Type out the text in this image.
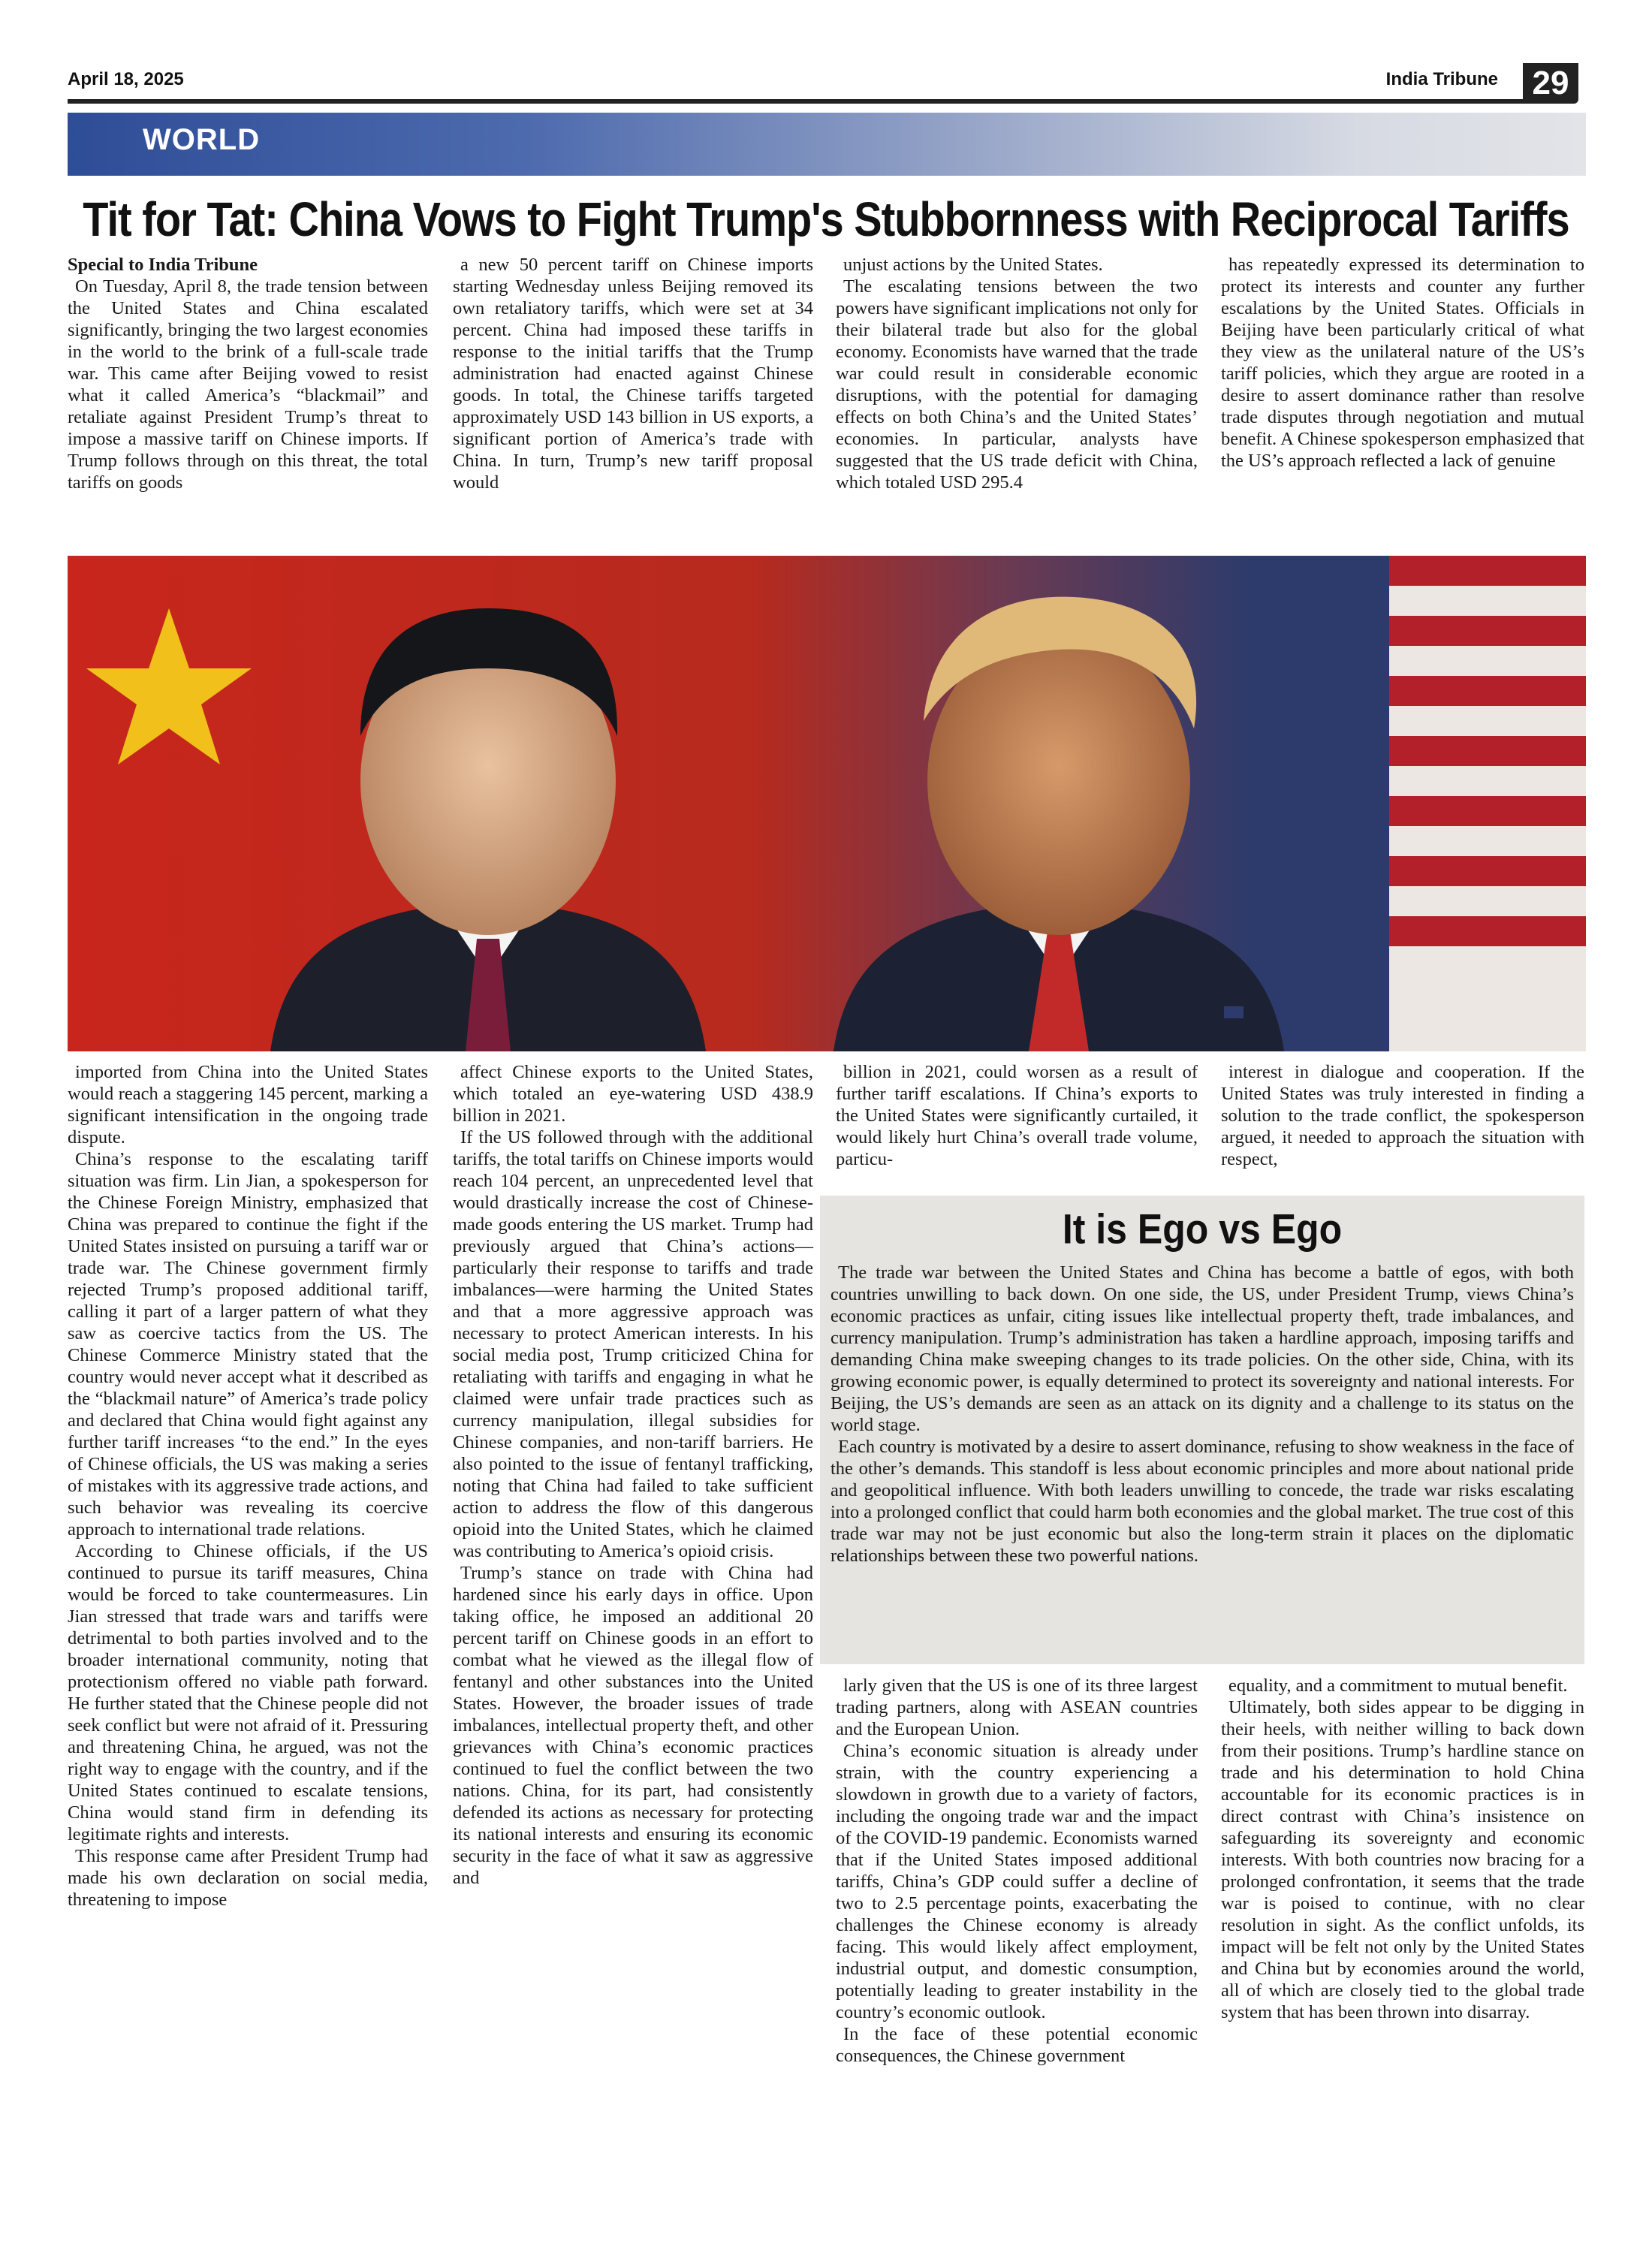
April 18, 2025	India Tribune 29
WORLD
Tit for Tat: China Vows to Fight Trump's Stubbornness with Reciprocal Tariffs
Special to India Tribune

On Tuesday, April 8, the trade tension between the United States and China escalated significantly, bringing the two largest economies in the world to the brink of a full-scale trade war. This came after Beijing vowed to resist what it called America’s “blackmail” and retaliate against President Trump’s threat to impose a massive tariff on Chinese imports. If Trump follows through on this threat, the total tariffs on goods

a new 50 percent tariff on Chinese imports starting Wednesday unless Beijing removed its own retaliatory tariffs, which were set at 34 percent. China had imposed these tariffs in response to the initial tariffs that the Trump administration had enacted against Chinese goods. In total, the Chinese tariffs targeted approximately USD 143 billion in US exports, a significant portion of America’s trade with China. In turn, Trump’s new tariff proposal would

unjust actions by the United States.

The escalating tensions between the two powers have significant implications not only for their bilateral trade but also for the global economy. Economists have warned that the trade war could result in considerable economic disruptions, with the potential for damaging effects on both China’s and the United States’ economies. In particular, analysts have suggested that the US trade deficit with China, which totaled USD 295.4

has repeatedly expressed its determination to protect its interests and counter any further escalations by the United States. Officials in Beijing have been particularly critical of what they view as the unilateral nature of the US’s tariff policies, which they argue are rooted in a desire to assert dominance rather than resolve trade disputes through negotiation and mutual benefit. A Chinese spokesperson emphasized that the US’s approach reflected a lack of genuine

imported from China into the United States would reach a staggering 145 percent, marking a significant intensification in the ongoing trade dispute.

China’s response to the escalating tariff situation was firm. Lin Jian, a spokesperson for the Chinese Foreign Ministry, emphasized that China was prepared to continue the fight if the United States insisted on pursuing a tariff war or trade war. The Chinese government firmly rejected Trump’s proposed additional tariff, calling it part of a larger pattern of what they saw as coercive tactics from the US. The Chinese Commerce Ministry stated that the country would never accept what it described as the “blackmail nature” of America’s trade policy and declared that China would fight against any further tariff increases “to the end.” In the eyes of Chinese officials, the US was making a series of mistakes with its aggressive trade actions, and such behavior was revealing its coercive approach to international trade relations.

According to Chinese officials, if the US continued to pursue its tariff measures, China would be forced to take countermeasures. Lin Jian stressed that trade wars and tariffs were detrimental to both parties involved and to the broader international community, noting that protectionism offered no viable path forward. He further stated that the Chinese people did not seek conflict but were not afraid of it. Pressuring and threatening China, he argued, was not the right way to engage with the country, and if the United States continued to escalate tensions, China would stand firm in defending its legitimate rights and interests.

This response came after President Trump had made his own declaration on social media, threatening to impose

affect Chinese exports to the United States, which totaled an eye-watering USD 438.9 billion in 2021.

If the US followed through with the additional tariffs, the total tariffs on Chinese imports would reach 104 percent, an unprecedented level that would drastically increase the cost of Chinese-made goods entering the US market. Trump had previously argued that China’s actions—particularly their response to tariffs and trade imbalances—were harming the United States and that a more aggressive approach was necessary to protect American interests. In his social media post, Trump criticized China for retaliating with tariffs and engaging in what he claimed were unfair trade practices such as currency manipulation, illegal subsidies for Chinese companies, and non-tariff barriers. He also pointed to the issue of fentanyl trafficking, noting that China had failed to take sufficient action to address the flow of this dangerous opioid into the United States, which he claimed was contributing to America’s opioid crisis.

Trump’s stance on trade with China had hardened since his early days in office. Upon taking office, he imposed an additional 20 percent tariff on Chinese goods in an effort to combat what he viewed as the illegal flow of fentanyl and other substances into the United States. However, the broader issues of trade imbalances, intellectual property theft, and other grievances with China’s economic practices continued to fuel the conflict between the two nations. China, for its part, had consistently defended its actions as necessary for protecting its national interests and ensuring its economic security in the face of what it saw as aggressive and

billion in 2021, could worsen as a result of further tariff escalations. If China’s exports to the United States were significantly curtailed, it would likely hurt China’s overall trade volume, particu-

interest in dialogue and cooperation. If the United States was truly interested in finding a solution to the trade conflict, the spokesperson argued, it needed to approach the situation with respect,

It is Ego vs Ego

The trade war between the United States and China has become a battle of egos, with both countries unwilling to back down. On one side, the US, under President Trump, views China’s economic practices as unfair, citing issues like intellectual property theft, trade imbalances, and currency manipulation. Trump’s administration has taken a hardline approach, imposing tariffs and demanding China make sweeping changes to its trade policies. On the other side, China, with its growing economic power, is equally determined to protect its sovereignty and national interests. For Beijing, the US’s demands are seen as an attack on its dignity and a challenge to its status on the world stage.

Each country is motivated by a desire to assert dominance, refusing to show weakness in the face of the other’s demands. This standoff is less about economic principles and more about national pride and geopolitical influence. With both leaders unwilling to concede, the trade war risks escalating into a prolonged conflict that could harm both economies and the global market. The true cost of this trade war may not be just economic but also the long-term strain it places on the diplomatic relationships between these two powerful nations.

larly given that the US is one of its three largest trading partners, along with ASEAN countries and the European Union.

China’s economic situation is already under strain, with the country experiencing a slowdown in growth due to a variety of factors, including the ongoing trade war and the impact of the COVID-19 pandemic. Economists warned that if the United States imposed additional tariffs, China’s GDP could suffer a decline of two to 2.5 percentage points, exacerbating the challenges the Chinese economy is already facing. This would likely affect employment, industrial output, and domestic consumption, potentially leading to greater instability in the country’s economic outlook.

In the face of these potential economic consequences, the Chinese government

equality, and a commitment to mutual benefit.

Ultimately, both sides appear to be digging in their heels, with neither willing to back down from their positions. Trump’s hardline stance on trade and his determination to hold China accountable for its economic practices is in direct contrast with China’s insistence on safeguarding its sovereignty and economic interests. With both countries now bracing for a prolonged confrontation, it seems that the trade war is poised to continue, with no clear resolution in sight. As the conflict unfolds, its impact will be felt not only by the United States and China but by economies around the world, all of which are closely tied to the global trade system that has been thrown into disarray.
